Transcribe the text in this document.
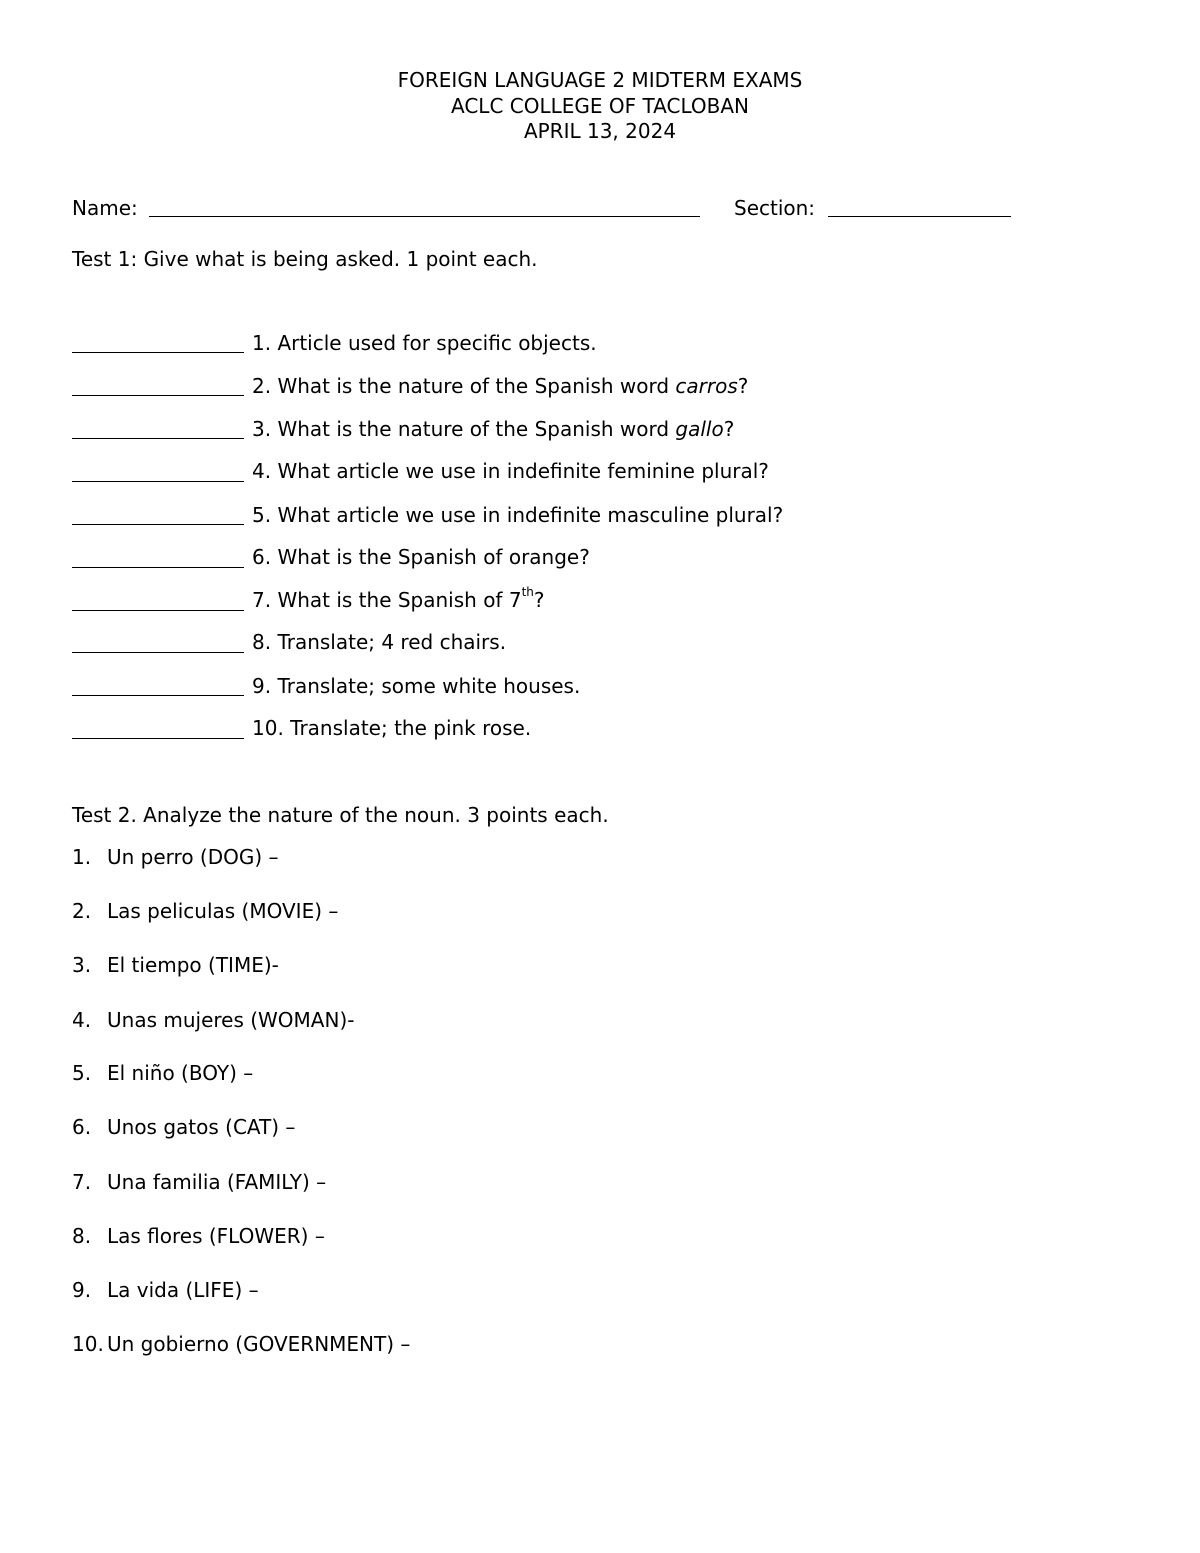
FOREIGN LANGUAGE 2 MIDTERM EXAMS
ACLC COLLEGE OF TACLOBAN
APRIL 13, 2024
Name:	Section:
Test 1: Give what is being asked. 1 point each.
1. Article used for specific objects.
2. What is the nature of the Spanish word carros?
3. What is the nature of the Spanish word gallo?
4. What article we use in indefinite feminine plural?
5. What article we use in indefinite masculine plural?
6. What is the Spanish of orange?
7. What is the Spanish of 7th?
8. Translate; 4 red chairs.
9. Translate; some white houses.
10. Translate; the pink rose.
Test 2. Analyze the nature of the noun. 3 points each.
1. Un perro (DOG) –
2. Las peliculas (MOVIE) –
3. El tiempo (TIME)-
4. Unas mujeres (WOMAN)-
5. El niño (BOY) –
6. Unos gatos (CAT) –
7. Una familia (FAMILY) –
8. Las flores (FLOWER) –
9. La vida (LIFE) –
10. Un gobierno (GOVERNMENT) –
